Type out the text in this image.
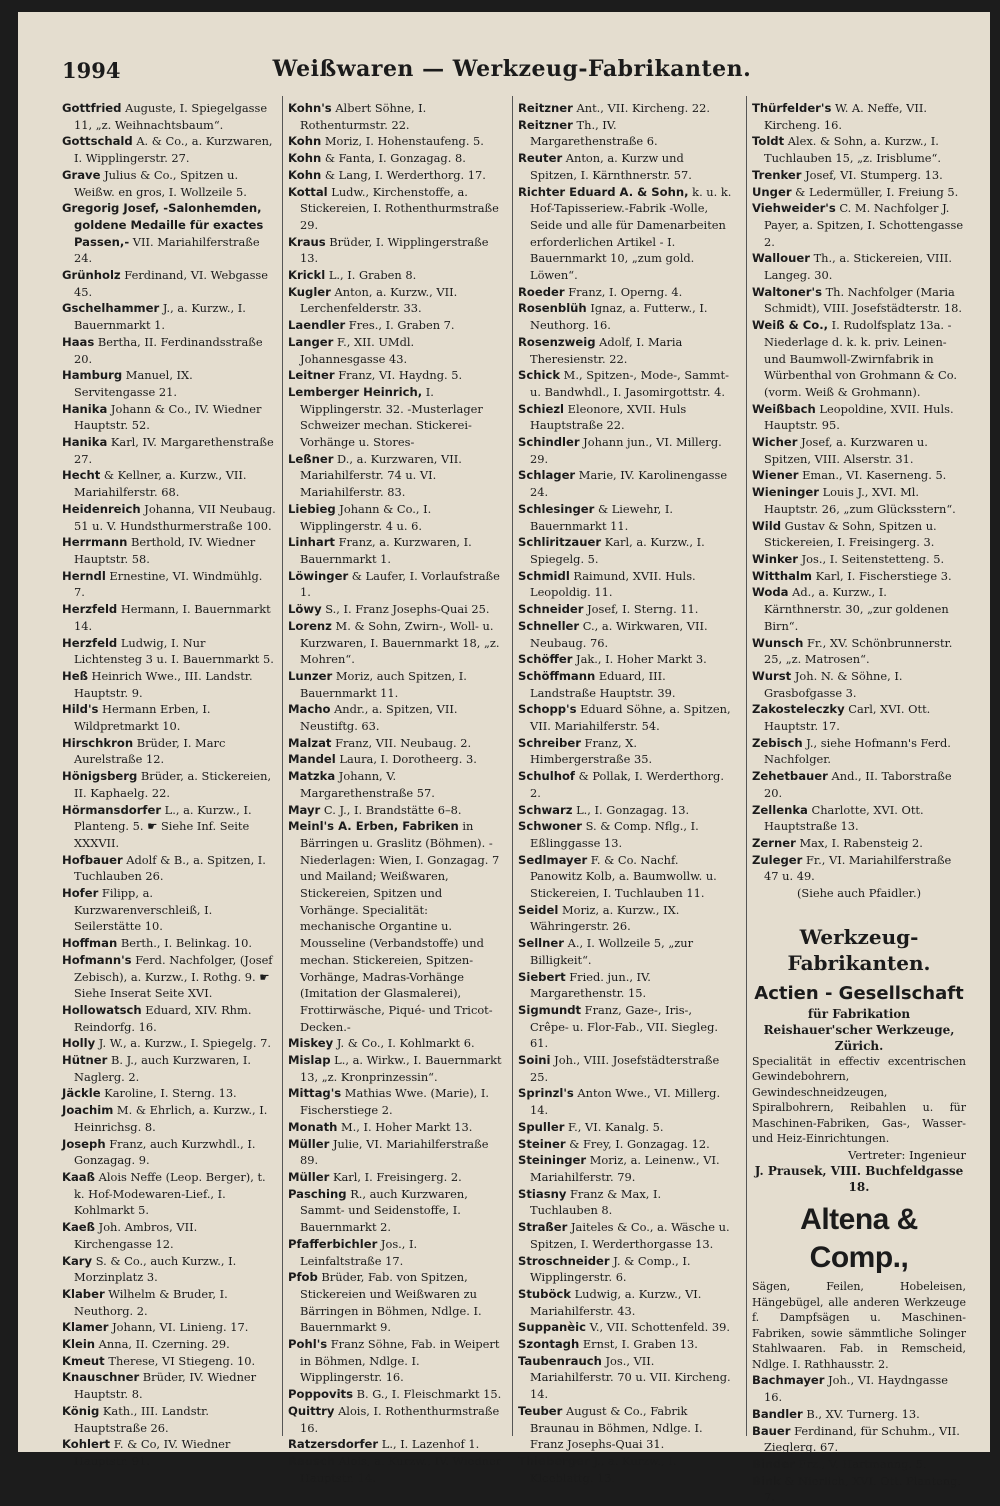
1994	Weißwaren — Werkzeug-Fabrikanten.
Gottfried Auguste, I. Spiegelgasse 11, „z. Weihnachtsbaum“.
Gottschald A. & Co., a. Kurzwaren, I. Wipplingerstr. 27.
Grave Julius & Co., Spitzen u. Weißw. en gros, I. Wollzeile 5.
Gregorig Josef, -Salonhemden, goldene Medaille für exactes Passen,- VII. Mariahilferstraße 24.
Grünholz Ferdinand, VI. Webgasse 45.
Gschelhammer J., a. Kurzw., I. Bauernmarkt 1.
Haas Bertha, II. Ferdinandsstraße 20.
Hamburg Manuel, IX. Servitengasse 21.
Hanika Johann & Co., IV. Wiedner Hauptstr. 52.
Hanika Karl, IV. Margarethenstraße 27.
Hecht & Kellner, a. Kurzw., VII. Mariahilferstr. 68.
Heidenreich Johanna, VII Neubaug. 51 u. V. Hundsthurmerstraße 100.
Herrmann Berthold, IV. Wiedner Hauptstr. 58.
Herndl Ernestine, VI. Windmühlg. 7.
Herzfeld Hermann, I. Bauernmarkt 14.
Herzfeld Ludwig, I. Nur Lichtensteg 3 u. I. Bauernmarkt 5.
Heß Heinrich Wwe., III. Landstr. Hauptstr. 9.
Hild's Hermann Erben, I. Wildpretmarkt 10.
Hirschkron Brüder, I. Marc Aurelstraße 12.
Hönigsberg Brüder, a. Stickereien, II. Kaphaelg. 22.
Hörmansdorfer L., a. Kurzw., I. Planteng. 5. ☛ Siehe Inf. Seite XXXVII.
Hofbauer Adolf & B., a. Spitzen, I. Tuchlauben 26.
Hofer Filipp, a. Kurzwarenverschleiß, I. Seilerstätte 10.
Hoffman Berth., I. Belinkag. 10.
Hofmann's Ferd. Nachfolger, (Josef Zebisch), a. Kurzw., I. Rothg. 9. ☛ Siehe Inserat Seite XVI.
Hollowatsch Eduard, XIV. Rhm. Reindorfg. 16.
Holly J. W., a. Kurzw., I. Spiegelg. 7.
Hütner B. J., auch Kurzwaren, I. Naglerg. 2.
Jäckle Karoline, I. Sterng. 13.
Joachim M. & Ehrlich, a. Kurzw., I. Heinrichsg. 8.
Joseph Franz, auch Kurzwhdl., I. Gonzagag. 9.
Kaaß Alois Neffe (Leop. Berger), t. k. Hof-Modewaren-Lief., I. Kohlmarkt 5.
Kaeß Joh. Ambros, VII. Kirchengasse 12.
Kary S. & Co., auch Kurzw., I. Morzinplatz 3.
Klaber Wilhelm & Bruder, I. Neuthorg. 2.
Klamer Johann, VI. Linieng. 17.
Klein Anna, II. Czerning. 29.
Kmeut Therese, VI Stiegeng. 10.
Knauschner Brüder, IV. Wiedner Hauptstr. 8.
König Kath., III. Landstr. Hauptstraße 26.
Kohlert F. & Co, IV. Wiedner Hauptstr. 91.
Kohn's Albert Söhne, I. Rothenturmstr. 22.
Kohn Moriz, I. Hohenstaufeng. 5.
Kohn & Fanta, I. Gonzagag. 8.
Kohn & Lang, I. Werderthorg. 17.
Kottal Ludw., Kirchenstoffe, a. Stickereien, I. Rothenthurmstraße 29.
Kraus Brüder, I. Wipplingerstraße 13.
Krickl L., I. Graben 8.
Kugler Anton, a. Kurzw., VII. Lerchenfelderstr. 33.
Laendler Fres., I. Graben 7.
Langer F., XII. UMdl. Johannesgasse 43.
Leitner Franz, VI. Haydng. 5.
Lemberger Heinrich, I. Wipplingerstr. 32. -Musterlager Schweizer mechan. Stickerei-Vorhänge u. Stores-
Leßner D., a. Kurzwaren, VII. Mariahilferstr. 74 u. VI. Mariahilferstr. 83.
Liebieg Johann & Co., I. Wipplingerstr. 4 u. 6.
Linhart Franz, a. Kurzwaren, I. Bauernmarkt 1.
Löwinger & Laufer, I. Vorlaufstraße 1.
Löwy S., I. Franz Josephs-Quai 25.
Lorenz M. & Sohn, Zwirn-, Woll- u. Kurzwaren, I. Bauernmarkt 18, „z. Mohren“.
Lunzer Moriz, auch Spitzen, I. Bauernmarkt 11.
Macho Andr., a. Spitzen, VII. Neustiftg. 63.
Malzat Franz, VII. Neubaug. 2.
Mandel Laura, I. Dorotheerg. 3.
Matzka Johann, V. Margarethenstraße 57.
Mayr C. J., I. Brandstätte 6–8.
Meinl's A. Erben, Fabriken in Bärringen u. Graslitz (Böhmen). -Niederlagen: Wien, I. Gonzagag. 7 und Mailand; Weißwaren, Stickereien, Spitzen und Vorhänge. Specialität: mechanische Organtine u. Mousseline (Verbandstoffe) und mechan. Stickereien, Spitzen-Vorhänge, Madras-Vorhänge (Imitation der Glasmalerei), Frottirwäsche, Piqué- und Tricot-Decken.-
Miskey J. & Co., I. Kohlmarkt 6.
Mislap L., a. Wirkw., I. Bauernmarkt 13, „z. Kronprinzessin“.
Mittag's Mathias Wwe. (Marie), I. Fischerstiege 2.
Monath M., I. Hoher Markt 13.
Müller Julie, VI. Mariahilferstraße 89.
Müller Karl, I. Freisingerg. 2.
Pasching R., auch Kurzwaren, Sammt- und Seidenstoffe, I. Bauernmarkt 2.
Pfafferbichler Jos., I. Leinfaltstraße 17.
Pfob Brüder, Fab. von Spitzen, Stickereien und Weißwaren zu Bärringen in Böhmen, Ndlge. I. Bauernmarkt 9.
Pohl's Franz Söhne, Fab. in Weipert in Böhmen, Ndlge. I. Wipplingerstr. 16.
Poppovits B. G., I. Fleischmarkt 15.
Quittry Alois, I. Rothenthurmstraße 16.
Ratzersdorfer L., I. Lazenhof 1.
Rausch Alois, a. Kurzw., IV. Wiedner Hauptstr. 14.
Reitzner Ant., VII. Kircheng. 22.
Reitzner Th., IV. Margarethenstraße 6.
Reuter Anton, a. Kurzw und Spitzen, I. Kärnthnerstr. 57.
Richter Eduard A. & Sohn, k. u. k. Hof-Tapisseriew.-Fabrik -Wolle, Seide und alle für Damenarbeiten erforderlichen Artikel - I. Bauernmarkt 10, „zum gold. Löwen“.
Roeder Franz, I. Operng. 4.
Rosenblüh Ignaz, a. Futterw., I. Neuthorg. 16.
Rosenzweig Adolf, I. Maria Theresienstr. 22.
Schick M., Spitzen-, Mode-, Sammt- u. Bandwhdl., I. Jasomirgottstr. 4.
Schiezl Eleonore, XVII. Huls Hauptstraße 22.
Schindler Johann jun., VI. Millerg. 29.
Schlager Marie, IV. Karolinengasse 24.
Schlesinger & Liewehr, I. Bauernmarkt 11.
Schliritzauer Karl, a. Kurzw., I. Spiegelg. 5.
Schmidl Raimund, XVII. Huls. Leopoldig. 11.
Schneider Josef, I. Sterng. 11.
Schneller C., a. Wirkwaren, VII. Neubaug. 76.
Schöffer Jak., I. Hoher Markt 3.
Schöffmann Eduard, III. Landstraße Hauptstr. 39.
Schopp's Eduard Söhne, a. Spitzen, VII. Mariahilferstr. 54.
Schreiber Franz, X. Himbergerstraße 35.
Schulhof & Pollak, I. Werderthorg. 2.
Schwarz L., I. Gonzagag. 13.
Schwoner S. & Comp. Nflg., I. Eßlinggasse 13.
Sedlmayer F. & Co. Nachf. Panowitz Kolb, a. Baumwollw. u. Stickereien, I. Tuchlauben 11.
Seidel Moriz, a. Kurzw., IX. Währingerstr. 26.
Sellner A., I. Wollzeile 5, „zur Billigkeit“.
Siebert Fried. jun., IV. Margarethenstr. 15.
Sigmundt Franz, Gaze-, Iris-, Crêpe- u. Flor-Fab., VII. Siegleg. 61.
Soini Joh., VIII. Josefstädterstraße 25.
Sprinzl's Anton Wwe., VI. Millerg. 14.
Spuller F., VI. Kanalg. 5.
Steiner & Frey, I. Gonzagag. 12.
Steininger Moriz, a. Leinenw., VI. Mariahilferstr. 79.
Stiasny Franz & Max, I. Tuchlauben 8.
Straßer Jaiteles & Co., a. Wäsche u. Spitzen, I. Werderthorgasse 13.
Stroschneider J. & Comp., I. Wipplingerstr. 6.
Stuböck Ludwig, a. Kurzw., VI. Mariahilferstr. 43.
Suppanèic V., VII. Schottenfeld. 39.
Szontagh Ernst, I. Graben 13.
Taubenrauch Jos., VII. Mariahilferstr. 70 u. VII. Kircheng. 14.
Teuber August & Co., Fabrik Braunau in Böhmen, Ndlge. I. Franz Josephs-Quai 31.
Thieberger J., a. Kurzw., I. Kleeblattg. 13.
Thürfelder's W. A. Neffe, VII. Kircheng. 16.
Toldt Alex. & Sohn, a. Kurzw., I. Tuchlauben 15, „z. Irisblume“.
Trenker Josef, VI. Stumperg. 13.
Unger & Ledermüller, I. Freiung 5.
Viehweider's C. M. Nachfolger J. Payer, a. Spitzen, I. Schottengasse 2.
Wallouer Th., a. Stickereien, VIII. Langeg. 30.
Waltoner's Th. Nachfolger (Maria Schmidt), VIII. Josefstädterstr. 18.
Weiß & Co., I. Rudolfsplatz 13a. -Niederlage d. k. k. priv. Leinen- und Baumwoll-Zwirnfabrik in Würbenthal von Grohmann & Co. (vorm. Weiß & Grohmann).
Weißbach Leopoldine, XVII. Huls. Hauptstr. 95.
Wicher Josef, a. Kurzwaren u. Spitzen, VIII. Alserstr. 31.
Wiener Eman., VI. Kaserneng. 5.
Wieninger Louis J., XVI. Ml. Hauptstr. 26, „zum Glücksstern“.
Wild Gustav & Sohn, Spitzen u. Stickereien, I. Freisingerg. 3.
Winker Jos., I. Seitenstetteng. 5.
Witthalm Karl, I. Fischerstiege 3.
Woda Ad., a. Kurzw., I. Kärnthnerstr. 30, „zur goldenen Birn“.
Wunsch Fr., XV. Schönbrunnerstr. 25, „z. Matrosen“.
Wurst Joh. N. & Söhne, I. Grasbofgasse 3.
Zakosteleczky Carl, XVI. Ott. Hauptstr. 17.
Zebisch J., siehe Hofmann's Ferd. Nachfolger.
Zehetbauer And., II. Taborstraße 20.
Zellenka Charlotte, XVI. Ott. Hauptstraße 13.
Zerner Max, I. Rabensteig 2.
Zuleger Fr., VI. Mariahilferstraße 47 u. 49.
(Siehe auch Pfaidler.)
Werkzeug-Fabrikanten.
Actien - Gesellschaft
für Fabrikation Reishauer'scher Werkzeuge, Zürich.
Specialität in effectiv excentrischen Gewindebohrern, Gewindeschneidzeugen, Spiralbohrern, Reibahlen u. für Maschinen-Fabriken, Gas-, Wasser- und Heiz-Einrichtungen.
Vertreter: Ingenieur
J. Prausek, VIII. Buchfeldgasse 18.
Altena & Comp.,
Sägen, Feilen, Hobeleisen, Hängebügel, alle anderen Werkzeuge f. Dampfsägen u. Maschinen-Fabriken, sowie sämmtliche Solinger Stahlwaaren. Fab. in Remscheid, Ndlge. I. Rathhausstr. 2.
Bachmayer Joh., VI. Haydngasse 16.
Bandler B., XV. Turnerg. 13.
Bauer Ferdinand, für Schuhm., VII. Zieglerg. 67.
Binder Frz., V. Hartmanng. 5.
Bink & Nierlich, XVI. Ott. Planteng. 7.
